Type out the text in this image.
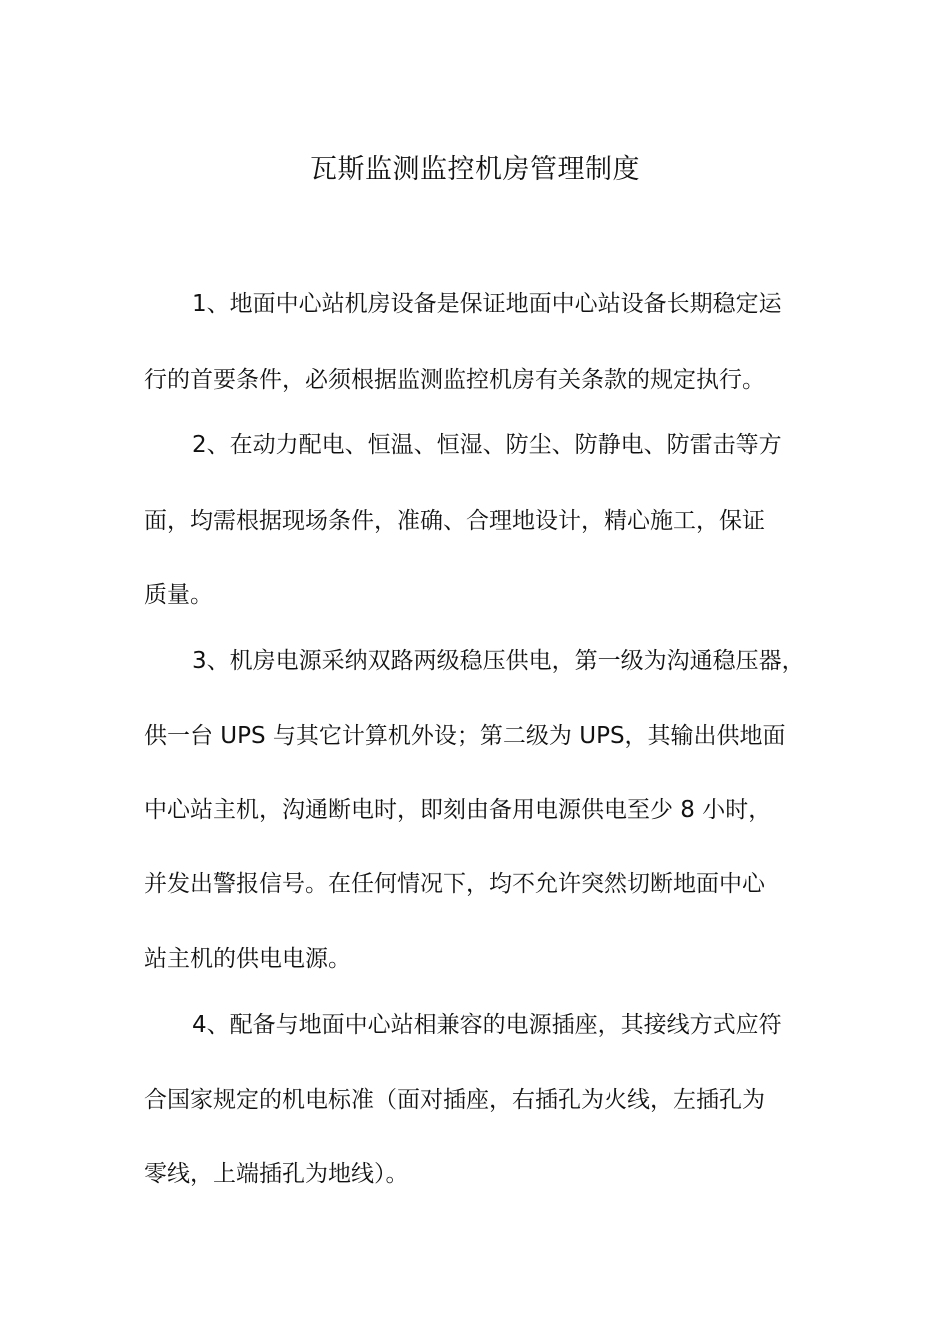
瓦斯监测监控机房管理制度

1、地面中心站机房设备是保证地面中心站设备长期稳定运

行的首要条件，必须根据监测监控机房有关条款的规定执行。

2、在动力配电、恒温、恒湿、防尘、防静电、防雷击等方

面，均需根据现场条件，准确、合理地设计，精心施工，保证

质量。

3、机房电源采纳双路两级稳压供电，第一级为沟通稳压器，

供一台 UPS 与其它计算机外设；第二级为 UPS，其输出供地面

中心站主机，沟通断电时，即刻由备用电源供电至少 8 小时，

并发出警报信号。在任何情况下，均不允许突然切断地面中心

站主机的供电电源。

4、配备与地面中心站相兼容的电源插座，其接线方式应符

合国家规定的机电标准（面对插座，右插孔为火线，左插孔为

零线，上端插孔为地线）。
